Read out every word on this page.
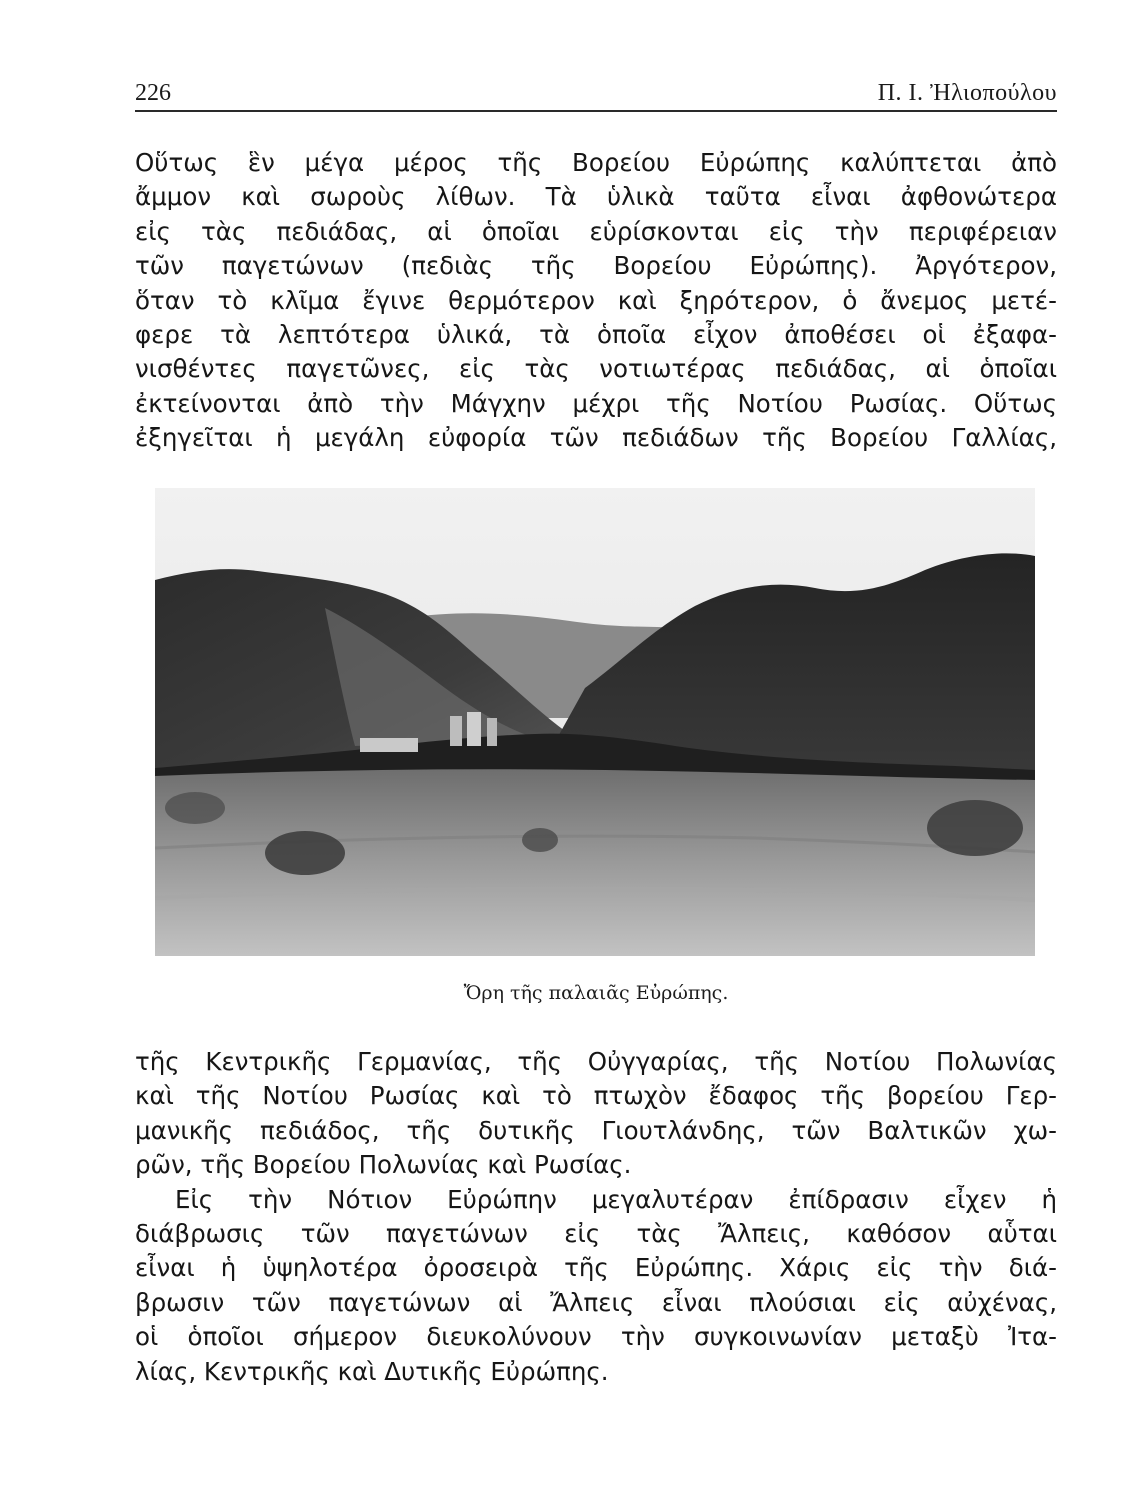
226	Π. Ι. Ἠλιοπούλου
Οὕτως ἓν μέγα μέρος τῆς Βορείου Εὐρώπης καλύπτεται ἀπὸ
ἄμμον καὶ σωροὺς λίθων. Τὰ ὑλικὰ ταῦτα εἶναι ἀφθονώτερα
εἰς τὰς πεδιάδας, αἱ ὁποῖαι εὑρίσκονται εἰς τὴν περιφέρειαν
τῶν παγετώνων (πεδιὰς τῆς Βορείου Εὐρώπης). Ἀργότερον,
ὅταν τὸ κλῖμα ἔγινε θερμότερον καὶ ξηρότερον, ὁ ἄνεμος μετέ-
φερε τὰ λεπτότερα ὑλικά, τὰ ὁποῖα εἶχον ἀποθέσει οἱ ἐξαφα-
νισθέντες παγετῶνες, εἰς τὰς νοτιωτέρας πεδιάδας, αἱ ὁποῖαι
ἐκτείνονται ἀπὸ τὴν Μάγχην μέχρι τῆς Νοτίου Ρωσίας. Οὕτως
ἐξηγεῖται ἡ μεγάλη εὐφορία τῶν πεδιάδων τῆς Βορείου Γαλλίας,
Ὄρη τῆς παλαιᾶς Εὐρώπης.
τῆς Κεντρικῆς Γερμανίας, τῆς Οὐγγαρίας, τῆς Νοτίου Πολωνίας
καὶ τῆς Νοτίου Ρωσίας καὶ τὸ πτωχὸν ἔδαφος τῆς βορείου Γερ-
μανικῆς πεδιάδος, τῆς δυτικῆς Γιουτλάνδης, τῶν Βαλτικῶν χω-
ρῶν, τῆς Βορείου Πολωνίας καὶ Ρωσίας.
Εἰς τὴν Νότιον Εὐρώπην μεγαλυτέραν ἐπίδρασιν εἶχεν ἡ
διάβρωσις τῶν παγετώνων εἰς τὰς Ἄλπεις, καθόσον αὗται
εἶναι ἡ ὑψηλοτέρα ὀροσειρὰ τῆς Εὐρώπης. Χάρις εἰς τὴν διά-
βρωσιν τῶν παγετώνων αἱ Ἄλπεις εἶναι πλούσιαι εἰς αὐχένας,
οἱ ὁποῖοι σήμερον διευκολύνουν τὴν συγκοινωνίαν μεταξὺ Ἰτα-
λίας, Κεντρικῆς καὶ Δυτικῆς Εὐρώπης.
